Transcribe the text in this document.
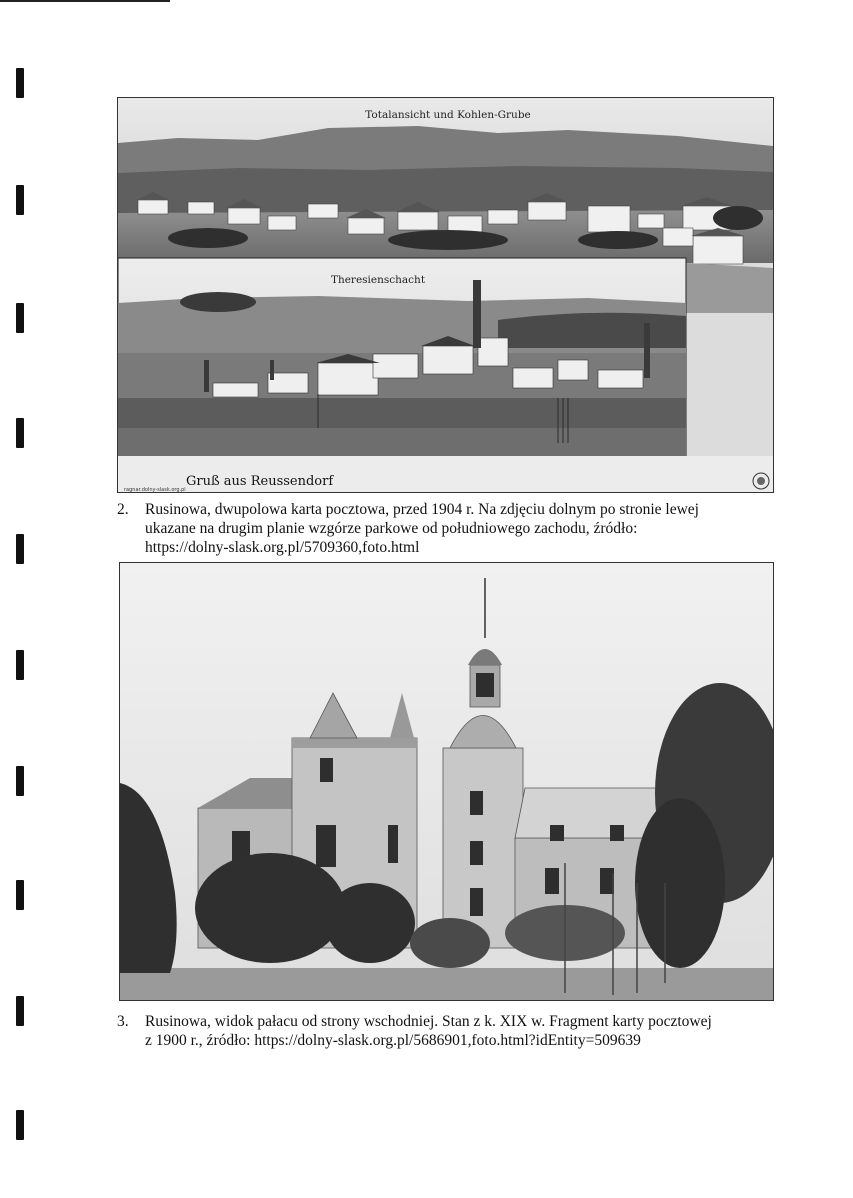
Totalansicht und Kohlen-Grube
Theresienschacht
Gruß aus Reussendorf
ragnar.dolny-slask.org.pl
2. Rusinowa, dwupolowa karta pocztowa, przed 1904 r. Na zdjęciu dolnym po stronie lewej
ukazane na drugim planie wzgórze parkowe od południowego zachodu, źródło:
https://dolny-slask.org.pl/5709360,foto.html
3. Rusinowa, widok pałacu od strony wschodniej. Stan z k. XIX w. Fragment karty pocztowej
z 1900 r., źródło: https://dolny-slask.org.pl/5686901,foto.html?idEntity=509639
